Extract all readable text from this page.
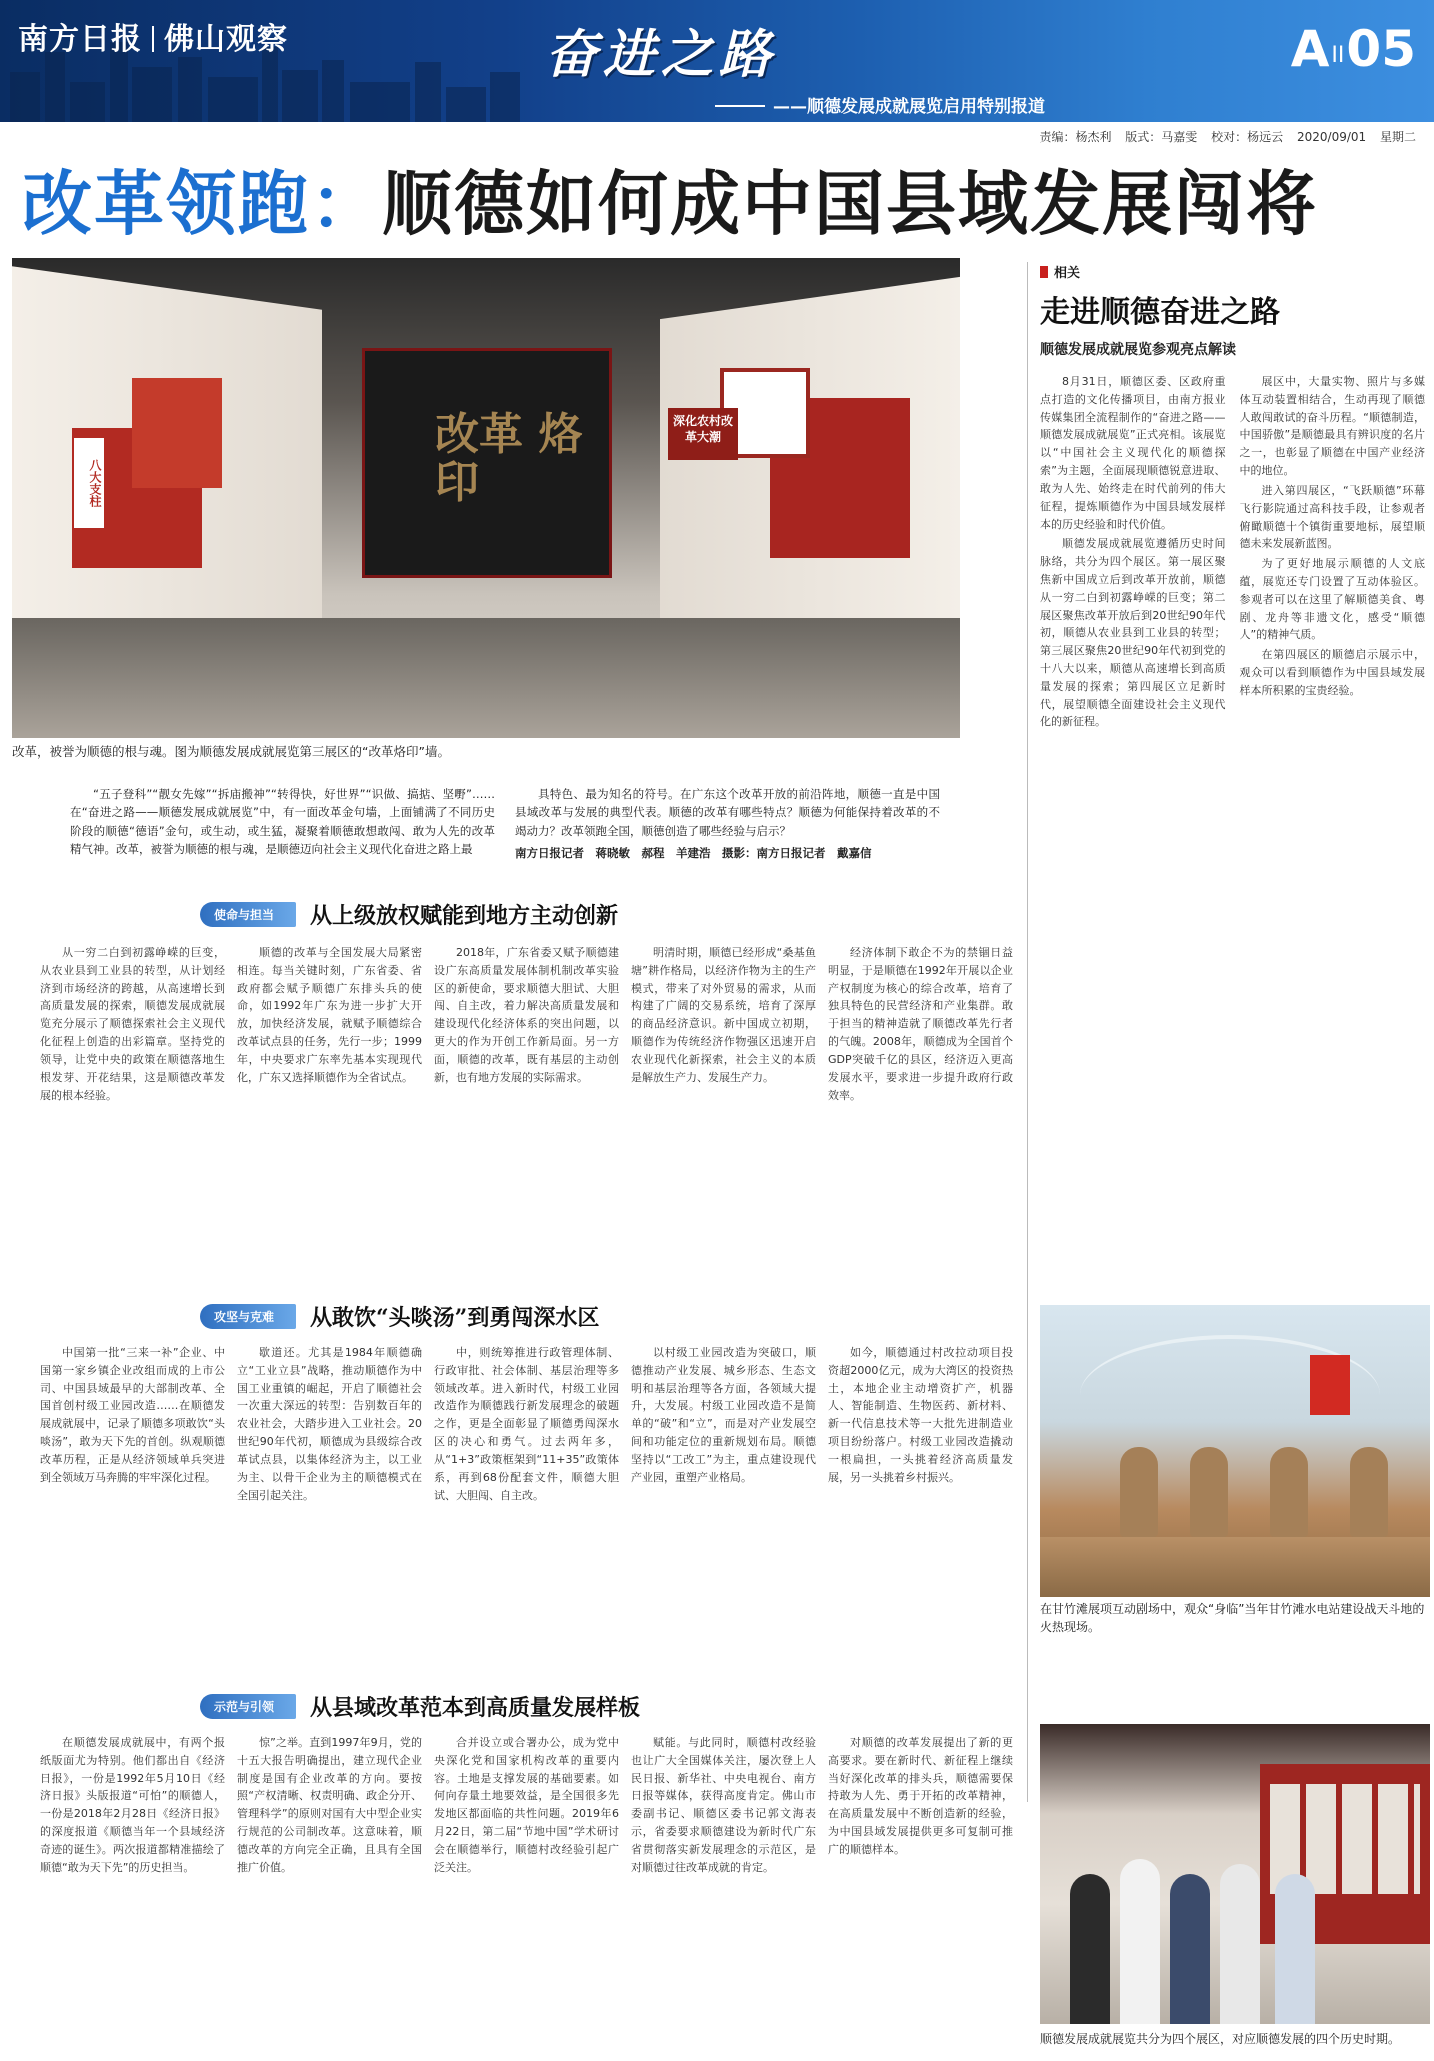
南方日报 佛山观察	奋进之路
——顺德发展成就展览启用特别报道
AII05
责编：杨杰利 版式：马嘉雯 校对：杨远云 2020/09/01 星期二
改革领跑：顺德如何成中国县域发展闯将
八大支柱
深化农村改革大潮
改革 烙印
改革，被誉为顺德的根与魂。图为顺德发展成就展览第三展区的“改革烙印”墙。

“五子登科”“靓女先嫁”“拆庙搬神”“转得快，好世界”“识做、搞掂、坚嘢”……在“奋进之路——顺德发展成就展览”中，有一面改革金句墙，上面铺满了不同历史阶段的顺德“德语”金句，或生动，或生猛，凝聚着顺德敢想敢闯、敢为人先的改革精气神。改革，被誉为顺德的根与魂，是顺德迈向社会主义现代化奋进之路上最

具特色、最为知名的符号。在广东这个改革开放的前沿阵地，顺德一直是中国县域改革与发展的典型代表。顺德的改革有哪些特点？顺德为何能保持着改革的不竭动力？改革领跑全国，顺德创造了哪些经验与启示？

南方日报记者　蒋晓敏　郝程　羊建浩　摄影：南方日报记者　戴嘉信
相关
走进顺德奋进之路
顺德发展成就展览参观亮点解读

8月31日，顺德区委、区政府重点打造的文化传播项目，由南方报业传媒集团全流程制作的“奋进之路——顺德发展成就展览”正式亮相。该展览以“中国社会主义现代化的顺德探索”为主题，全面展现顺德锐意进取、敢为人先、始终走在时代前列的伟大征程，提炼顺德作为中国县域发展样本的历史经验和时代价值。

顺德发展成就展览遵循历史时间脉络，共分为四个展区。第一展区聚焦新中国成立后到改革开放前，顺德从一穷二白到初露峥嵘的巨变；第二展区聚焦改革开放后到20世纪90年代初，顺德从农业县到工业县的转型；第三展区聚焦20世纪90年代初到党的十八大以来，顺德从高速增长到高质量发展的探索；第四展区立足新时代，展望顺德全面建设社会主义现代化的新征程。

展区中，大量实物、照片与多媒体互动装置相结合，生动再现了顺德人敢闯敢试的奋斗历程。“顺德制造，中国骄傲”是顺德最具有辨识度的名片之一，也彰显了顺德在中国产业经济中的地位。

进入第四展区，“飞跃顺德”环幕飞行影院通过高科技手段，让参观者俯瞰顺德十个镇街重要地标，展望顺德未来发展新蓝图。

为了更好地展示顺德的人文底蕴，展览还专门设置了互动体验区。参观者可以在这里了解顺德美食、粤剧、龙舟等非遗文化，感受“顺德人”的精神气质。

在第四展区的顺德启示展示中，观众可以看到顺德作为中国县域发展样本所积累的宝贵经验。

使命与担当	从上级放权赋能到地方主动创新

从一穷二白到初露峥嵘的巨变，从农业县到工业县的转型，从计划经济到市场经济的跨越，从高速增长到高质量发展的探索，顺德发展成就展览充分展示了顺德探索社会主义现代化征程上创造的出彩篇章。坚持党的领导，让党中央的政策在顺德落地生根发芽、开花结果，这是顺德改革发展的根本经验。

顺德的改革与全国发展大局紧密相连。每当关键时刻，广东省委、省政府都会赋予顺德广东排头兵的使命，如1992年广东为进一步扩大开放，加快经济发展，就赋予顺德综合改革试点县的任务，先行一步；1999年，中央要求广东率先基本实现现代化，广东又选择顺德作为全省试点。

2018年，广东省委又赋予顺德建设广东高质量发展体制机制改革实验区的新使命，要求顺德大胆试、大胆闯、自主改，着力解决高质量发展和建设现代化经济体系的突出问题，以更大的作为开创工作新局面。另一方面，顺德的改革，既有基层的主动创新，也有地方发展的实际需求。

明清时期，顺德已经形成“桑基鱼塘”耕作格局，以经济作物为主的生产模式，带来了对外贸易的需求，从而构建了广阔的交易系统，培育了深厚的商品经济意识。新中国成立初期，顺德作为传统经济作物强区迅速开启农业现代化新探索，社会主义的本质是解放生产力、发展生产力。

经济体制下敢企不为的禁锢日益明显，于是顺德在1992年开展以企业产权制度为核心的综合改革，培育了独具特色的民营经济和产业集群。敢于担当的精神造就了顺德改革先行者的气魄。2008年，顺德成为全国首个GDP突破千亿的县区，经济迈入更高发展水平，要求进一步提升政府行政效率。

攻坚与克难	从敢饮“头啖汤”到勇闯深水区

中国第一批“三来一补”企业、中国第一家乡镇企业改组而成的上市公司、中国县域最早的大部制改革、全国首创村级工业园改造……在顺德发展成就展中，记录了顺德多项敢饮“头啖汤”，敢为天下先的首创。纵观顺德改革历程，正是从经济领域单兵突进到全领域万马奔腾的牢牢深化过程。

歇道还。尤其是1984年顺德确立“工业立县”战略，推动顺德作为中国工业重镇的崛起，开启了顺德社会一次重大深远的转型：告别数百年的农业社会，大踏步进入工业社会。20世纪90年代初，顺德成为县级综合改革试点县，以集体经济为主，以工业为主、以骨干企业为主的顺德模式在全国引起关注。

中，则统筹推进行政管理体制、行政审批、社会体制、基层治理等多领域改革。进入新时代，村级工业园改造作为顺德践行新发展理念的破题之作，更是全面彰显了顺德勇闯深水区的决心和勇气。过去两年多，从“1+3”政策框架到“11+35”政策体系，再到68份配套文件，顺德大胆试、大胆闯、自主改。

以村级工业园改造为突破口，顺德推动产业发展、城乡形态、生态文明和基层治理等各方面，各领域大提升，大发展。村级工业园改造不是简单的“破”和“立”，而是对产业发展空间和功能定位的重新规划布局。顺德坚持以“工改工”为主，重点建设现代产业园，重塑产业格局。

如今，顺德通过村改拉动项目投资超2000亿元，成为大湾区的投资热土，本地企业主动增资扩产，机器人、智能制造、生物医药、新材料、新一代信息技术等一大批先进制造业项目纷纷落户。村级工业园改造撬动一根扁担，一头挑着经济高质量发展，另一头挑着乡村振兴。

在甘竹滩展项互动剧场中，观众“身临”当年甘竹滩水电站建设战天斗地的火热现场。
示范与引领	从县域改革范本到高质量发展样板

在顺德发展成就展中，有两个报纸版面尤为特别。他们都出自《经济日报》，一份是1992年5月10日《经济日报》头版报道“可怕”的顺德人，一份是2018年2月28日《经济日报》的深度报道《顺德当年一个县域经济奇迹的诞生》。两次报道都精准描绘了顺德“敢为天下先”的历史担当。

惊”之举。直到1997年9月，党的十五大报告明确提出，建立现代企业制度是国有企业改革的方向。要按照“产权清晰、权责明确、政企分开、管理科学”的原则对国有大中型企业实行规范的公司制改革。这意味着，顺德改革的方向完全正确，且具有全国推广价值。

合并设立或合署办公，成为党中央深化党和国家机构改革的重要内容。土地是支撑发展的基础要素。如何向存量土地要效益，是全国很多先发地区都面临的共性问题。2019年6月22日，第二届“节地中国”学术研讨会在顺德举行，顺德村改经验引起广泛关注。

赋能。与此同时，顺德村改经验也让广大全国媒体关注，屡次登上人民日报、新华社、中央电视台、南方日报等媒体，获得高度肯定。佛山市委副书记、顺德区委书记郭文海表示，省委要求顺德建设为新时代广东省贯彻落实新发展理念的示范区，是对顺德过往改革成就的肯定。

对顺德的改革发展提出了新的更高要求。要在新时代、新征程上继续当好深化改革的排头兵，顺德需要保持敢为人先、勇于开拓的改革精神，在高质量发展中不断创造新的经验，为中国县域发展提供更多可复制可推广的顺德样本。

顺德发展成就展览共分为四个展区，对应顺德发展的四个历史时期。
